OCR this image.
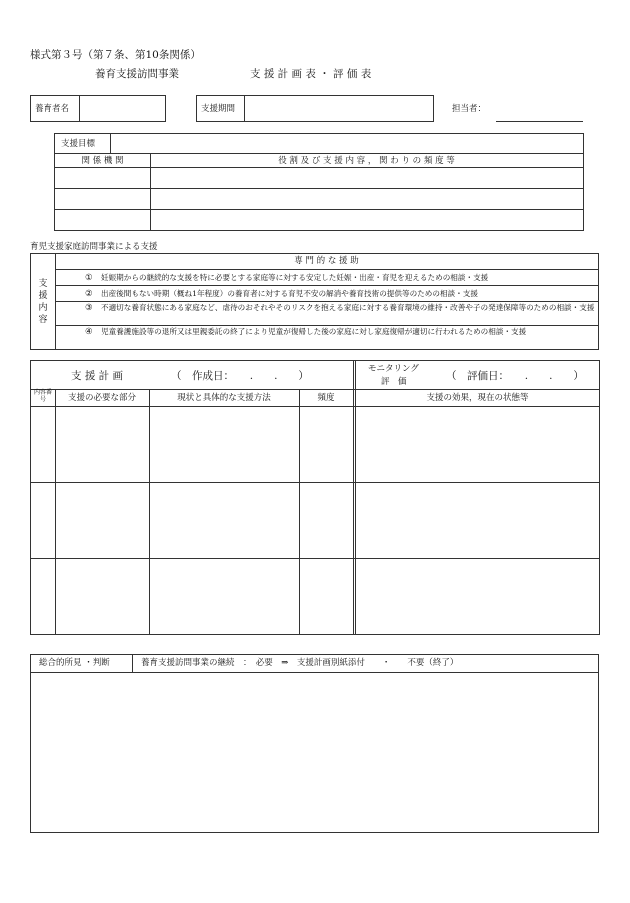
様式第３号（第７条、第10条関係）
養育支援訪問事業	支 援 計 画 表 ・ 評 価 表
養育者名	支援期間	担当者：
支援目標
関 係 機 関	役 割 及 び 支 援 内 容 ， 関 わ り の 頻 度 等
育児支援家庭訪問事業による支援
支援内容
専 門 的 な 援 助
① 妊娠期からの継続的な支援を特に必要とする家庭等に対する安定した妊娠・出産・育児を迎えるための相談・支援
② 出産後間もない時期（概ね1年程度）の養育者に対する育児不安の解消や養育技術の提供等のための相談・支援
③ 不適切な養育状態にある家庭など、虐待のおそれやそのリスクを抱える家庭に対する養育環境の維持・改善や子の発達保障等のための相談・支援
④ 児童養護施設等の退所又は里親委託の終了により児童が復帰した後の家庭に対し家庭復帰が適切に行われるための相談・支援
支 援 計 画	（　作成日：　　.　　.　　）
モニタリング
評　価	（　評価日：　　.　　.　　）
内容番号	支援の必要な部分	現状と具体的な支援方法	頻度	支援の効果，現在の状態等
総合的所見 ・判断	養育支援訪問事業の継続　：　必要　⇒　支援計画別紙添付　　・　　不要（終了）
